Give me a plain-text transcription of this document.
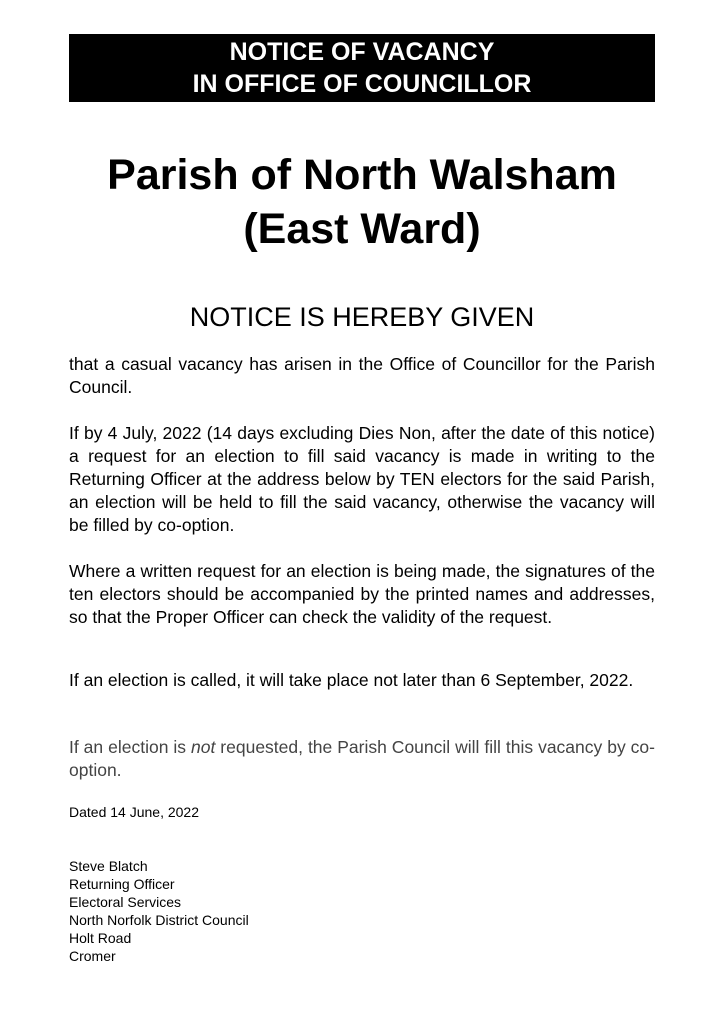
NOTICE OF VACANCY
IN OFFICE OF COUNCILLOR
Parish of North Walsham
(East Ward)
NOTICE IS HEREBY GIVEN

that a casual vacancy has arisen in the Office of Councillor for the Parish Council.

If by 4 July, 2022 (14 days excluding Dies Non, after the date of this notice) a request for an election to fill said vacancy is made in writing to the Returning Officer at the address below by TEN electors for the said Parish, an election will be held to fill the said vacancy, otherwise the vacancy will be filled by co-option.

Where a written request for an election is being made, the signatures of the ten electors should be accompanied by the printed names and addresses, so that the Proper Officer can check the validity of the request.

If an election is called, it will take place not later than 6 September, 2022.

If an election is not requested, the Parish Council will fill this vacancy by co-option.

Dated 14 June, 2022
Steve Blatch
Returning Officer
Electoral Services
North Norfolk District Council
Holt Road
Cromer
